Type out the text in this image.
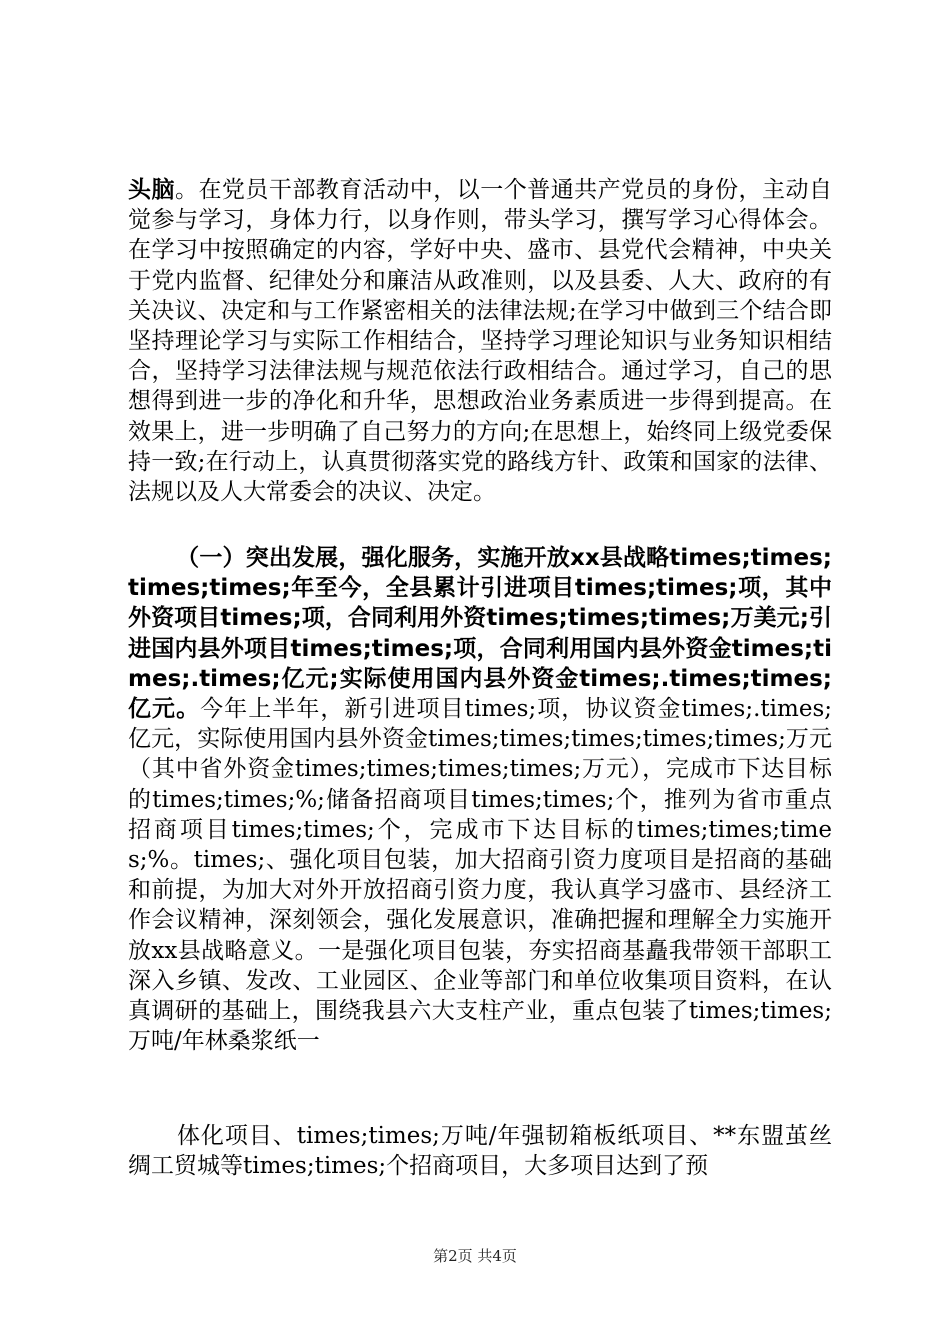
头脑。在党员干部教育活动中，以一个普通共产党员的身份，主动自觉参与学习，身体力行，以身作则，带头学习，撰写学习心得体会。在学习中按照确定的内容，学好中央、盛市、县党代会精神，中央关于党内监督、纪律处分和廉洁从政准则，以及县委、人大、政府的有关决议、决定和与工作紧密相关的法律法规;在学习中做到三个结合即坚持理论学习与实际工作相结合，坚持学习理论知识与业务知识相结合，坚持学习法律法规与规范依法行政相结合。通过学习，自己的思想得到进一步的净化和升华，思想政治业务素质进一步得到提高。在效果上，进一步明确了自己努力的方向;在思想上，始终同上级党委保持一致;在行动上，认真贯彻落实党的路线方针、政策和国家的法律、法规以及人大常委会的决议、决定。
（一）突出发展，强化服务，实施开放xx县战略times;times;times;times;年至今，全县累计引进项目times;times;项，其中外资项目times;项，合同利用外资times;times;times;万美元;引进国内县外项目times;times;项，合同利用国内县外资金times;times;.times;亿元;实际使用国内县外资金times;.times;times;亿元。今年上半年，新引进项目times;项，协议资金times;.times;亿元，实际使用国内县外资金times;times;times;times;times;万元（其中省外资金times;times;times;times;万元），完成市下达目标的times;times;%;储备招商项目times;times;个，推列为省市重点招商项目times;times;个，完成市下达目标的times;times;times;%。times;、强化项目包装，加大招商引资力度项目是招商的基础和前提，为加大对外开放招商引资力度，我认真学习盛市、县经济工作会议精神，深刻领会，强化发展意识，准确把握和理解全力实施开放xx县战略意义。一是强化项目包装，夯实招商基矗我带领干部职工深入乡镇、发改、工业园区、企业等部门和单位收集项目资料，在认真调研的基础上，围绕我县六大支柱产业，重点包装了times;times;万吨/年林桑浆纸一
体化项目、times;times;万吨/年强韧箱板纸项目、**东盟茧丝绸工贸城等times;times;个招商项目，大多项目达到了预
第2页 共4页
